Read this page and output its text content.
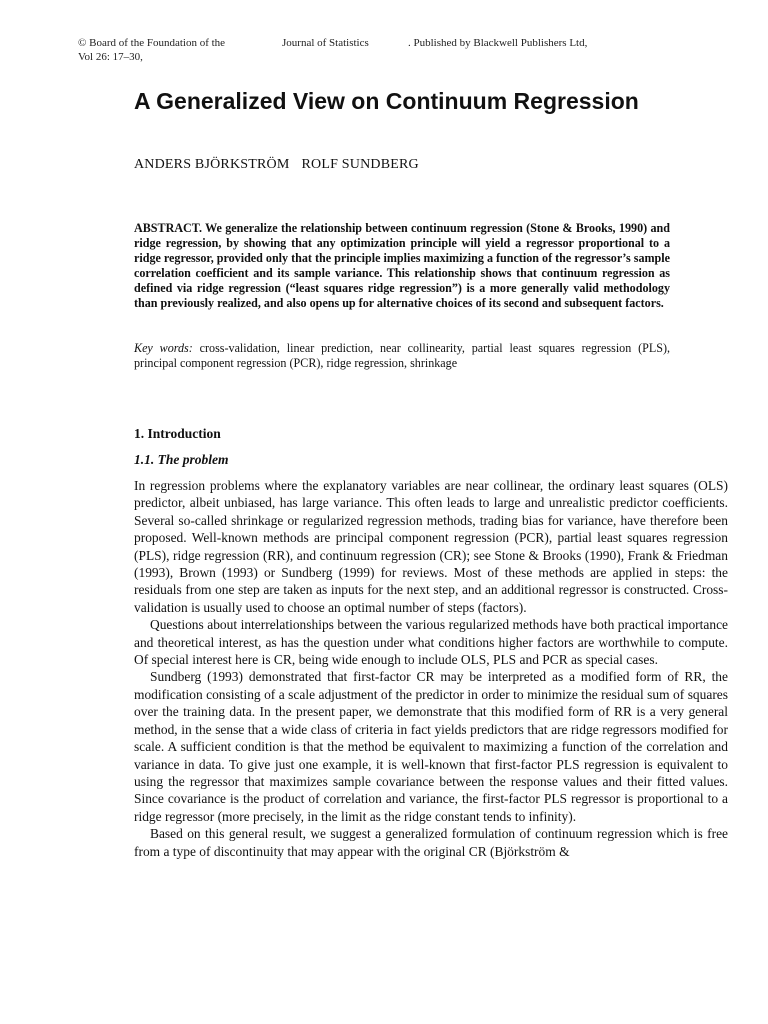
© Board of the Foundation of the	Journal of Statistics	. Published by Blackwell Publishers Ltd,
Vol 26: 17–30,
A Generalized View on Continuum Regression
ANDERS BJÖRKSTRÖM ROLF SUNDBERG

ABSTRACT. We generalize the relationship between continuum regression (Stone & Brooks, 1990) and ridge regression, by showing that any optimization principle will yield a regressor proportional to a ridge regressor, provided only that the principle implies maximizing a function of the regressor’s sample correlation coefficient and its sample variance. This relationship shows that continuum regression as defined via ridge regression (“least squares ridge regression”) is a more generally valid methodology than previously realized, and also opens up for alternative choices of its second and subsequent factors.

Key words: cross-validation, linear prediction, near collinearity, partial least squares regression (PLS), principal component regression (PCR), ridge regression, shrinkage

1. Introduction
1.1. The problem

In regression problems where the explanatory variables are near collinear, the ordinary least squares (OLS) predictor, albeit unbiased, has large variance. This often leads to large and unrealistic predictor coefficients. Several so-called shrinkage or regularized regression methods, trading bias for variance, have therefore been proposed. Well-known methods are principal component regression (PCR), partial least squares regression (PLS), ridge regression (RR), and continuum regression (CR); see Stone & Brooks (1990), Frank & Friedman (1993), Brown (1993) or Sundberg (1999) for reviews. Most of these methods are applied in steps: the residuals from one step are taken as inputs for the next step, and an additional regressor is constructed. Cross-validation is usually used to choose an optimal number of steps (factors).

Questions about interrelationships between the various regularized methods have both practical importance and theoretical interest, as has the question under what conditions higher factors are worthwhile to compute. Of special interest here is CR, being wide enough to include OLS, PLS and PCR as special cases.

Sundberg (1993) demonstrated that first-factor CR may be interpreted as a modified form of RR, the modification consisting of a scale adjustment of the predictor in order to minimize the residual sum of squares over the training data. In the present paper, we demonstrate that this modified form of RR is a very general method, in the sense that a wide class of criteria in fact yields predictors that are ridge regressors modified for scale. A sufficient condition is that the method be equivalent to maximizing a function of the correlation and variance in data. To give just one example, it is well-known that first-factor PLS regression is equivalent to using the regressor that maximizes sample covariance between the response values and their fitted values. Since covariance is the product of correlation and variance, the first-factor PLS regressor is proportional to a ridge regressor (more precisely, in the limit as the ridge constant tends to infinity).

Based on this general result, we suggest a generalized formulation of continuum regression which is free from a type of discontinuity that may appear with the original CR (Björkström &
